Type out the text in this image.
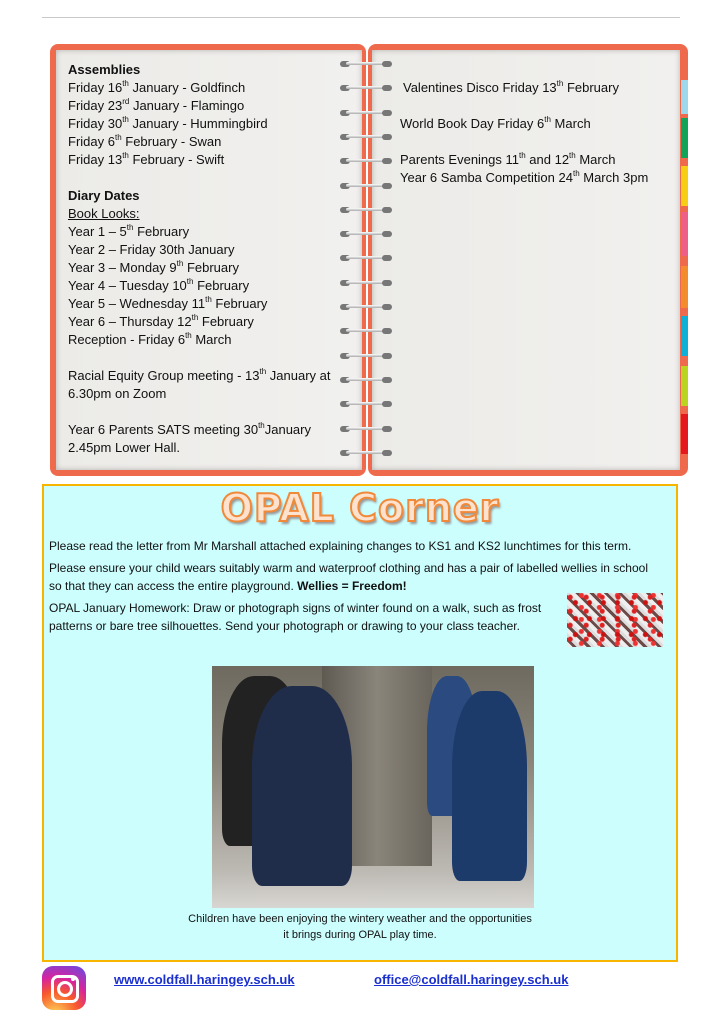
Assemblies

Friday 16th January - Goldfinch

Friday 23rd January - Flamingo

Friday 30th January - Hummingbird

Friday 6th February - Swan

Friday 13th February - Swift

Diary Dates

Book Looks:

Year 1 – 5th February

Year 2 – Friday 30th January

Year 3 – Monday 9th February

Year 4 – Tuesday 10th February

Year 5 – Wednesday 11th February

Year 6 – Thursday 12th February

Reception - Friday 6th March

Racial Equity Group meeting - 13th January at

6.30pm on Zoom

Year 6 Parents SATS meeting 30thJanuary

2.45pm Lower Hall.

Valentines Disco Friday 13th February

World Book Day Friday 6th March

Parents Evenings 11th and 12th March

Year 6 Samba Competition 24th March 3pm

OPAL Corner

Please read the letter from Mr Marshall attached explaining changes to KS1 and KS2 lunchtimes for this term.

Please ensure your child wears suitably warm and waterproof clothing and has a pair of labelled wellies in school

so that they can access the entire playground. Wellies = Freedom!

OPAL January Homework: Draw or photograph signs of winter found on a walk, such as frost

patterns or bare tree silhouettes. Send your photograph or drawing to your class teacher.

Children have been enjoying the wintery weather and the opportunities
it brings during OPAL play time.
www.coldfall.haringey.sch.uk	office@coldfall.haringey.sch.uk
